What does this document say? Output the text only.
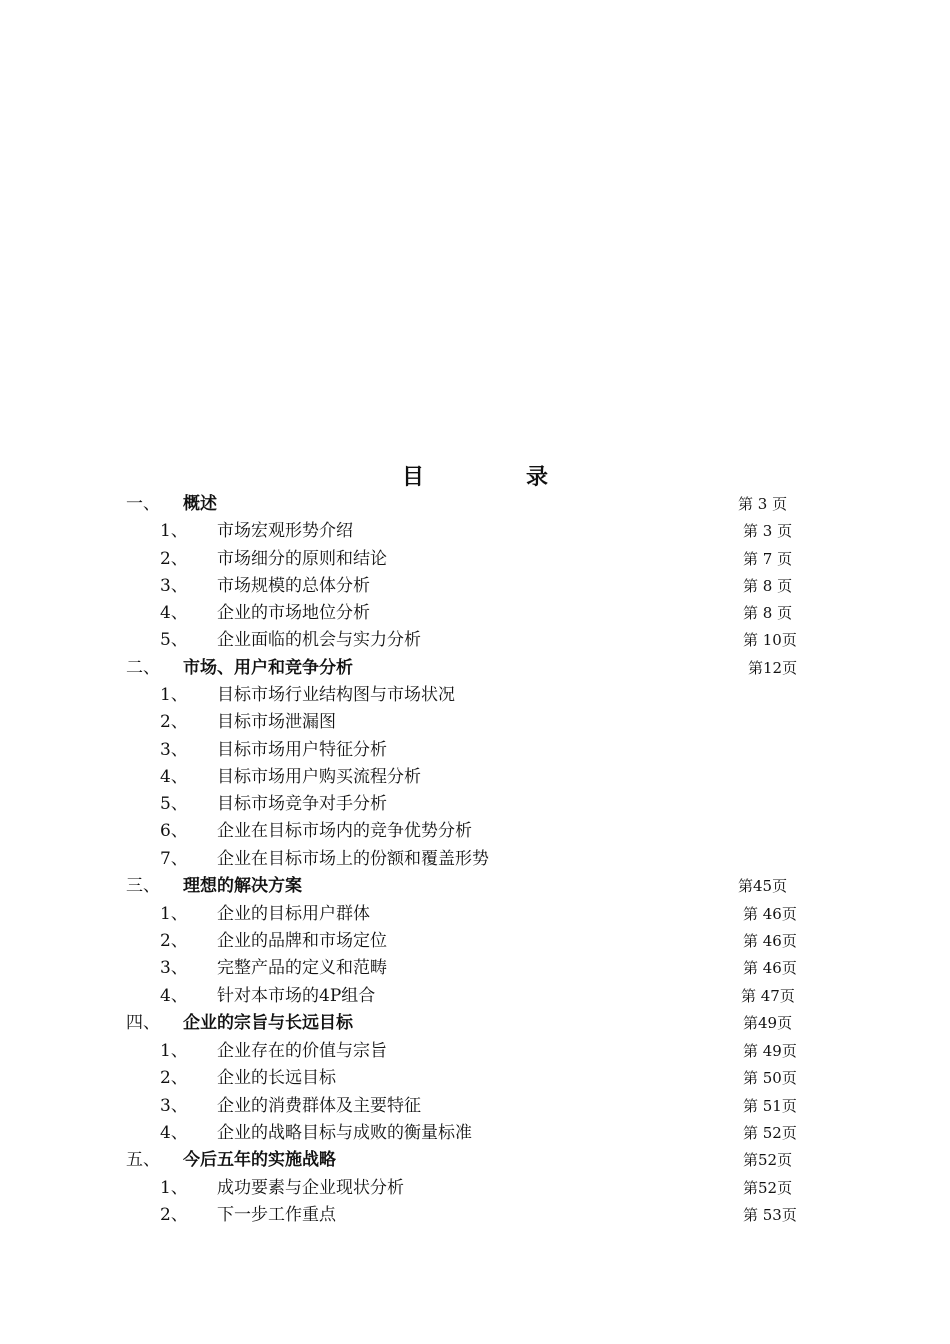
目　录
一、 概述	第 3 页
1、 市场宏观形势介绍	第 3 页
2、 市场细分的原则和结论	第 7 页
3、 市场规模的总体分析	第 8 页
4、 企业的市场地位分析	第 8 页
5、 企业面临的机会与实力分析	第 10页
二、 市场、用户和竞争分析	第12页
1、 目标市场行业结构图与市场状况
2、 目标市场泄漏图
3、 目标市场用户特征分析
4、 目标市场用户购买流程分析
5、 目标市场竞争对手分析
6、 企业在目标市场内的竞争优势分析
7、 企业在目标市场上的份额和覆盖形势
三、 理想的解决方案	第45页
1、 企业的目标用户群体	第 46页
2、 企业的品牌和市场定位	第 46页
3、 完整产品的定义和范畴	第 46页
4、 针对本市场的4P组合	第 47页
四、 企业的宗旨与长远目标	第49页
1、 企业存在的价值与宗旨	第 49页
2、 企业的长远目标	第 50页
3、 企业的消费群体及主要特征	第 51页
4、 企业的战略目标与成败的衡量标准	第 52页
五、 今后五年的实施战略	第52页
1、 成功要素与企业现状分析	第52页
2、 下一步工作重点	第 53页
